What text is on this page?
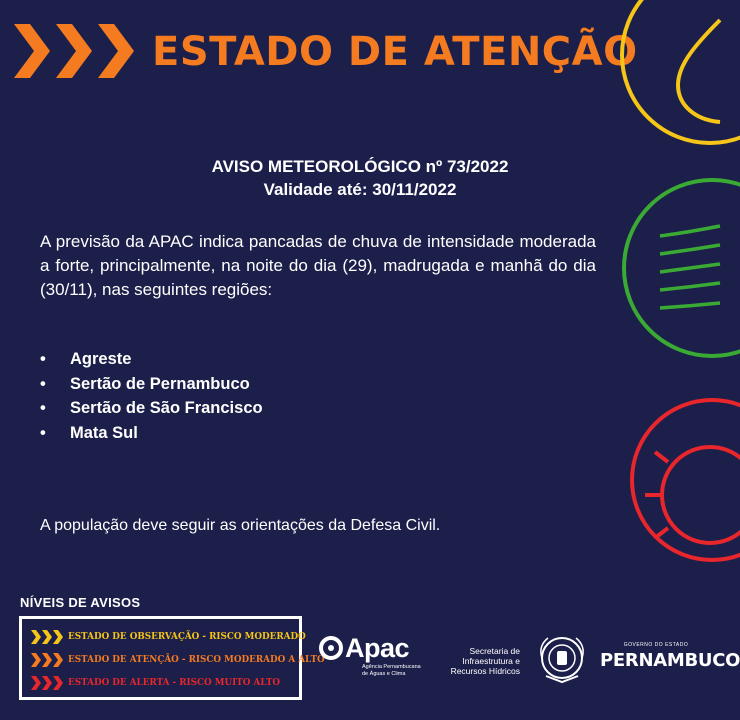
ESTADO DE ATENÇÃO
AVISO METEOROLÓGICO nº 73/2022
Validade até: 30/11/2022

A previsão da APAC indica pancadas de chuva de intensidade moderada a forte, principalmente, na noite do dia (29), madrugada e manhã do dia (30/11), nas seguintes regiões:

• Agreste
• Sertão de Pernambuco
• Sertão de São Francisco
• Mata Sul

A população deve seguir as orientações da Defesa Civil.

NÍVEIS DE AVISOS
ESTADO DE OBSERVAÇÃO - RISCO MODERADO
ESTADO DE ATENÇÃO - RISCO MODERADO A ALTO
ESTADO DE ALERTA - RISCO MUITO ALTO
Apac
Agência Pernambucana de Águas e Clima
Secretaria de Infraestrutura e Recursos Hídricos
GOVERNO DO ESTADO
PERNAMBUCO
